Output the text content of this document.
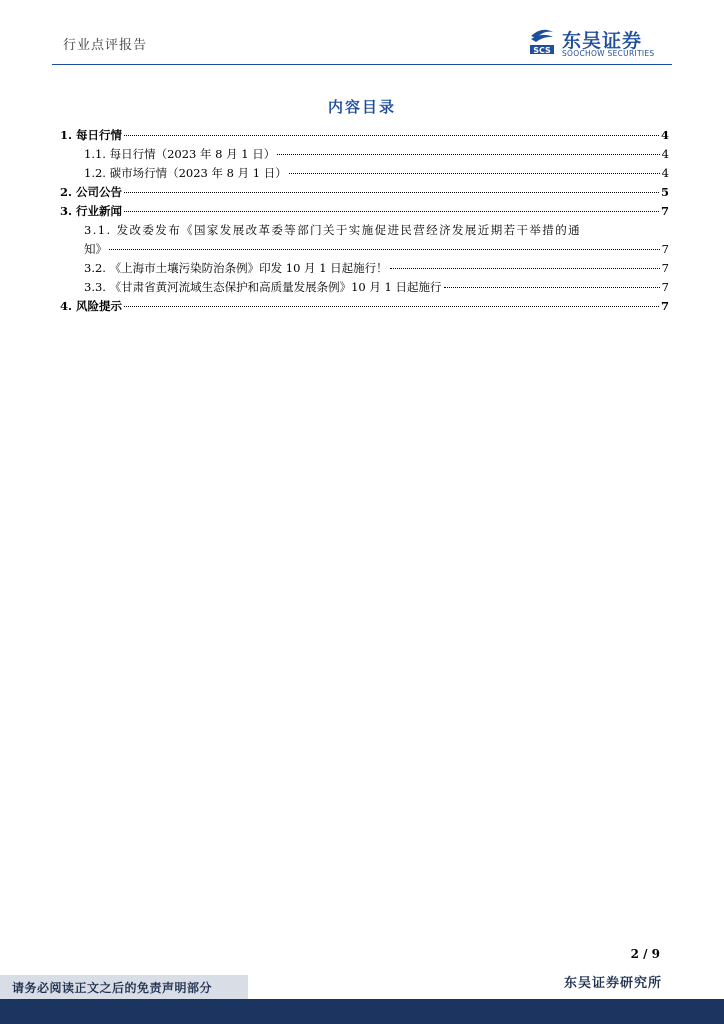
行业点评报告	SCS 东吴证券
SOOCHOW SECURITIES
内容目录
1. 每日行情	4
1.1. 每日行情（2023 年 8 月 1 日）	4
1.2. 碳市场行情（2023 年 8 月 1 日）	4
2. 公司公告	5
3. 行业新闻	7
3.1. 发改委发布《国家发展改革委等部门关于实施促进民营经济发展近期若干举措的通
知》	7
3.2. 《上海市土壤污染防治条例》印发 10 月 1 日起施行！	7
3.3. 《甘肃省黄河流域生态保护和高质量发展条例》10 月 1 日起施行	7
4. 风险提示	7
2 / 9
东吴证券研究所
请务必阅读正文之后的免责声明部分
